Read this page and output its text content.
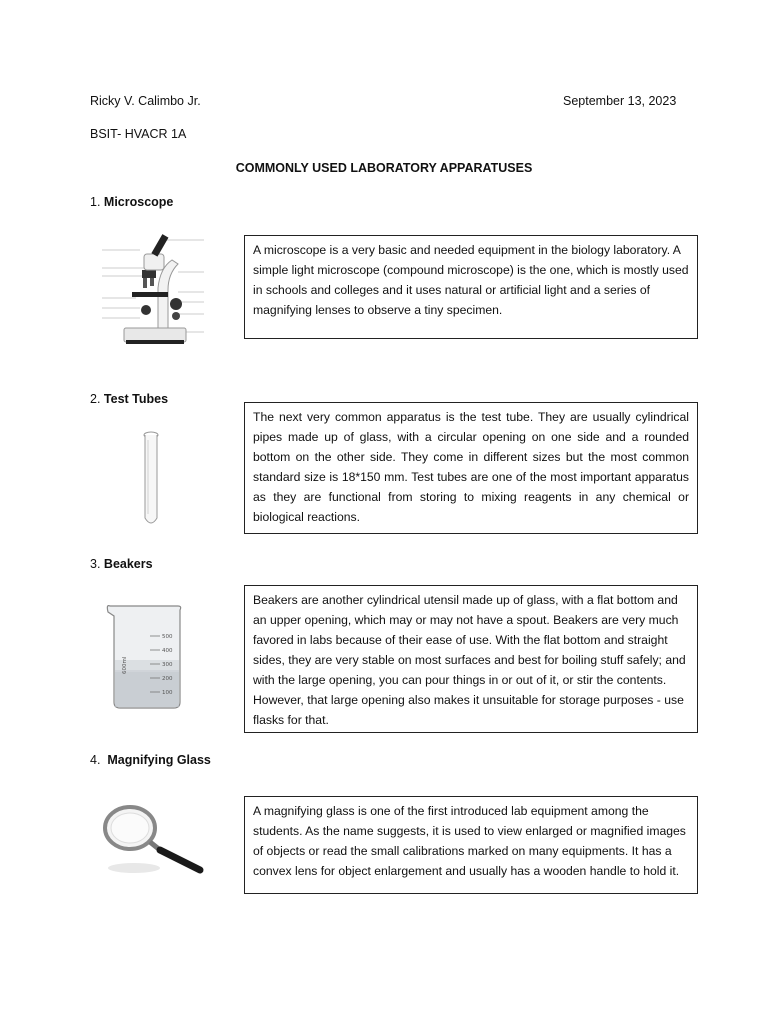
Ricky V. Calimbo Jr.	September 13, 2023
BSIT- HVACR 1A
COMMONLY USED LABORATORY APPARATUSES
1. Microscope
A microscope is a very basic and needed equipment in the biology laboratory. A simple light microscope (compound microscope) is the one, which is mostly used in schools and colleges and it uses natural or artificial light and a series of magnifying lenses to observe a tiny specimen.
2. Test Tubes
The next very common apparatus is the test tube. They are usually cylindrical pipes made up of glass, with a circular opening on one side and a rounded bottom on the other side. They come in different sizes but the most common standard size is 18*150 mm. Test tubes are one of the most important apparatus as they are functional from storing to mixing reagents in any chemical or biological reactions.
3. Beakers
500
400
300
200
100
600ml
Beakers are another cylindrical utensil made up of glass, with a flat bottom and an upper opening, which may or may not have a spout. Beakers are very much favored in labs because of their ease of use. With the flat bottom and straight sides, they are very stable on most surfaces and best for boiling stuff safely; and with the large opening, you can pour things in or out of it, or stir the contents. However, that large opening also makes it unsuitable for storage purposes - use flasks for that.
4. Magnifying Glass
A magnifying glass is one of the first introduced lab equipment among the students. As the name suggests, it is used to view enlarged or magnified images of objects or read the small calibrations marked on many equipments. It has a convex lens for object enlargement and usually has a wooden handle to hold it.
